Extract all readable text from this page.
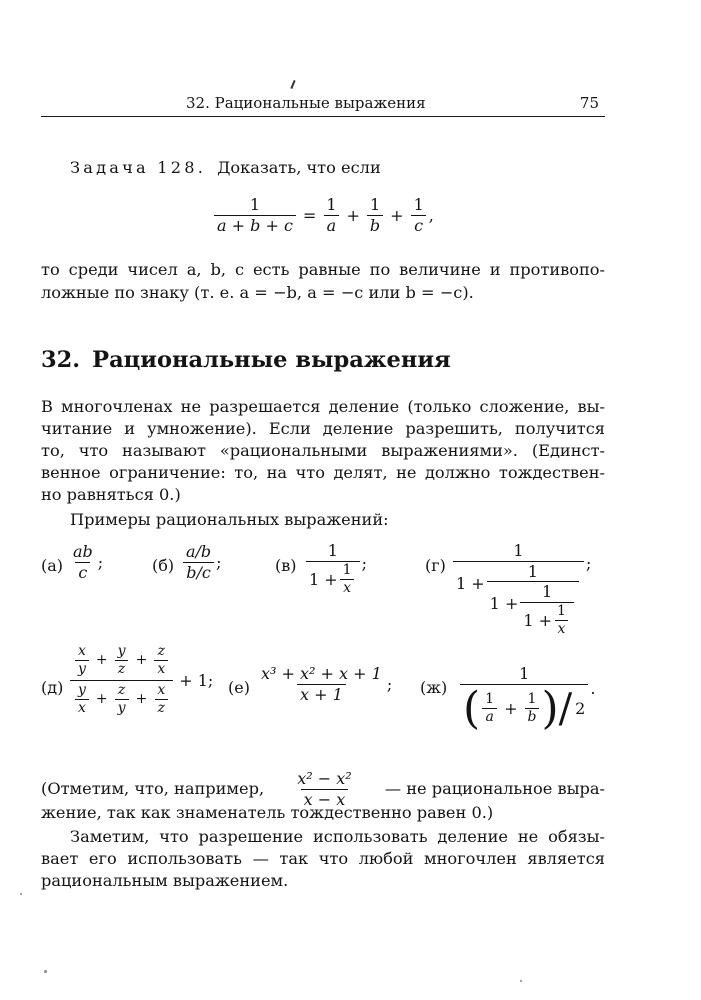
32. Рациональные выражения	75
Задача 128. Доказать, что если
$\frac{1}{a + b + c} = \frac{1}{a} + \frac{1}{b} + \frac{1}{c}$ ,
то среди чисел a, b, c есть равные по величине и противопо-
ложные по знаку (т. е. a = −b, a = −c или b = −c).
32. Рациональные выражения
В многочленах не разрешается деление (только сложение, вы-
читание и умножение). Если деление разрешить, получится
то, что называют «рациональными выражениями». (Единст-
венное ограничение: то, на что делят, не должно тождествен-
но равняться 0.)
Примеры рациональных выражений:
$(а) \frac{ab}{c}$ ;	$(б) \frac{a/b}{b/c}$ ;	$(в) \frac{1}{1 + \frac{1}{x}}$ ;	(г)
1
1 +
1
$1 + \frac{1}{1 + \frac{1}{x}}$
;
$(д) \frac{\frac{x}{y} + \frac{y}{z} + \frac{z}{x}}{\frac{y}{x} + \frac{z}{y} + \frac{x}{z}} + 1$; $(е) \frac{\text{x³ + x² + x + 1}}{x + 1}$ ; (ж)
1
( $\frac{1}{a} + \frac{1}{b}$ ) / 2
.
(Отметим, что, например, $\frac{\text{x² − x²}}{x - x}$ — не рациональное выра-
жение, так как знаменатель тождественно равен 0.)
Заметим, что разрешение использовать деление не обязы-
вает его использовать — так что любой многочлен является
рациональным выражением.
